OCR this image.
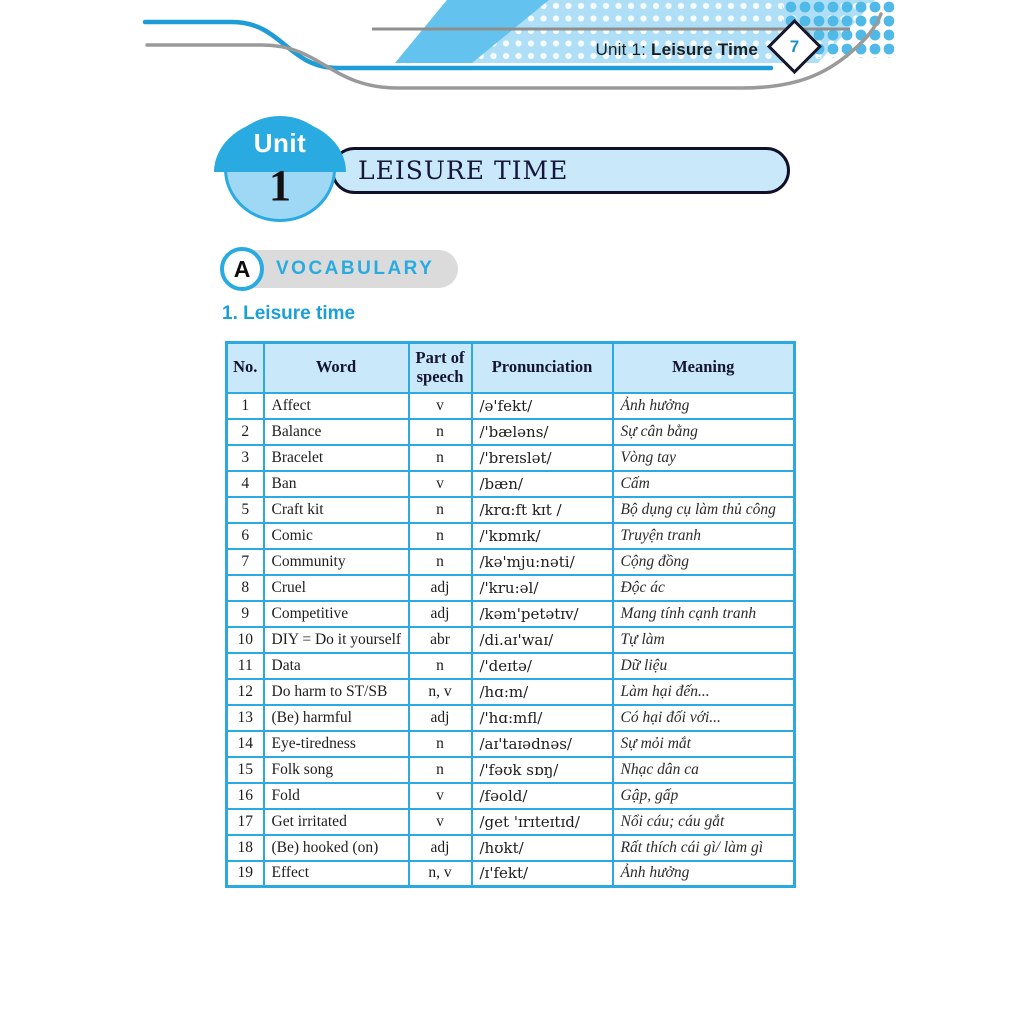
Unit 1: Leisure Time	7
LEISURE TIME
Unit
1
A	VOCABULARY
1. Leisure time
No.	Word	Part of speech	Pronunciation	Meaning
1	Affect	v	/ə'fekt/	Ảnh hưởng
2	Balance	n	/'bæləns/	Sự cân bằng
3	Bracelet	n	/'breɪslət/	Vòng tay
4	Ban	v	/bæn/	Cấm
5	Craft kit	n	/krɑ:ft kɪt /	Bộ dụng cụ làm thủ công
6	Comic	n	/'kɒmɪk/	Truyện tranh
7	Community	n	/kə'mju:nəti/	Cộng đồng
8	Cruel	adj	/'kru:əl/	Độc ác
9	Competitive	adj	/kəm'petətɪv/	Mang tính cạnh tranh
10	DIY = Do it yourself	abr	/di.aɪ'waɪ/	Tự làm
11	Data	n	/'deɪtə/	Dữ liệu
12	Do harm to ST/SB	n, v	/hɑ:m/	Làm hại đến...
13	(Be) harmful	adj	/'hɑ:mfl/	Có hại đối với...
14	Eye-tiredness	n	/aɪ'taɪədnəs/	Sự mỏi mắt
15	Folk song	n	/'fəʊk sɒŋ/	Nhạc dân ca
16	Fold	v	/fəold/	Gập, gấp
17	Get irritated	v	/get 'ɪrɪteɪtɪd/	Nổi cáu; cáu gắt
18	(Be) hooked (on)	adj	/hʊkt/	Rất thích cái gì/ làm gì
19	Effect	n, v	/ɪ'fekt/	Ảnh hưởng
